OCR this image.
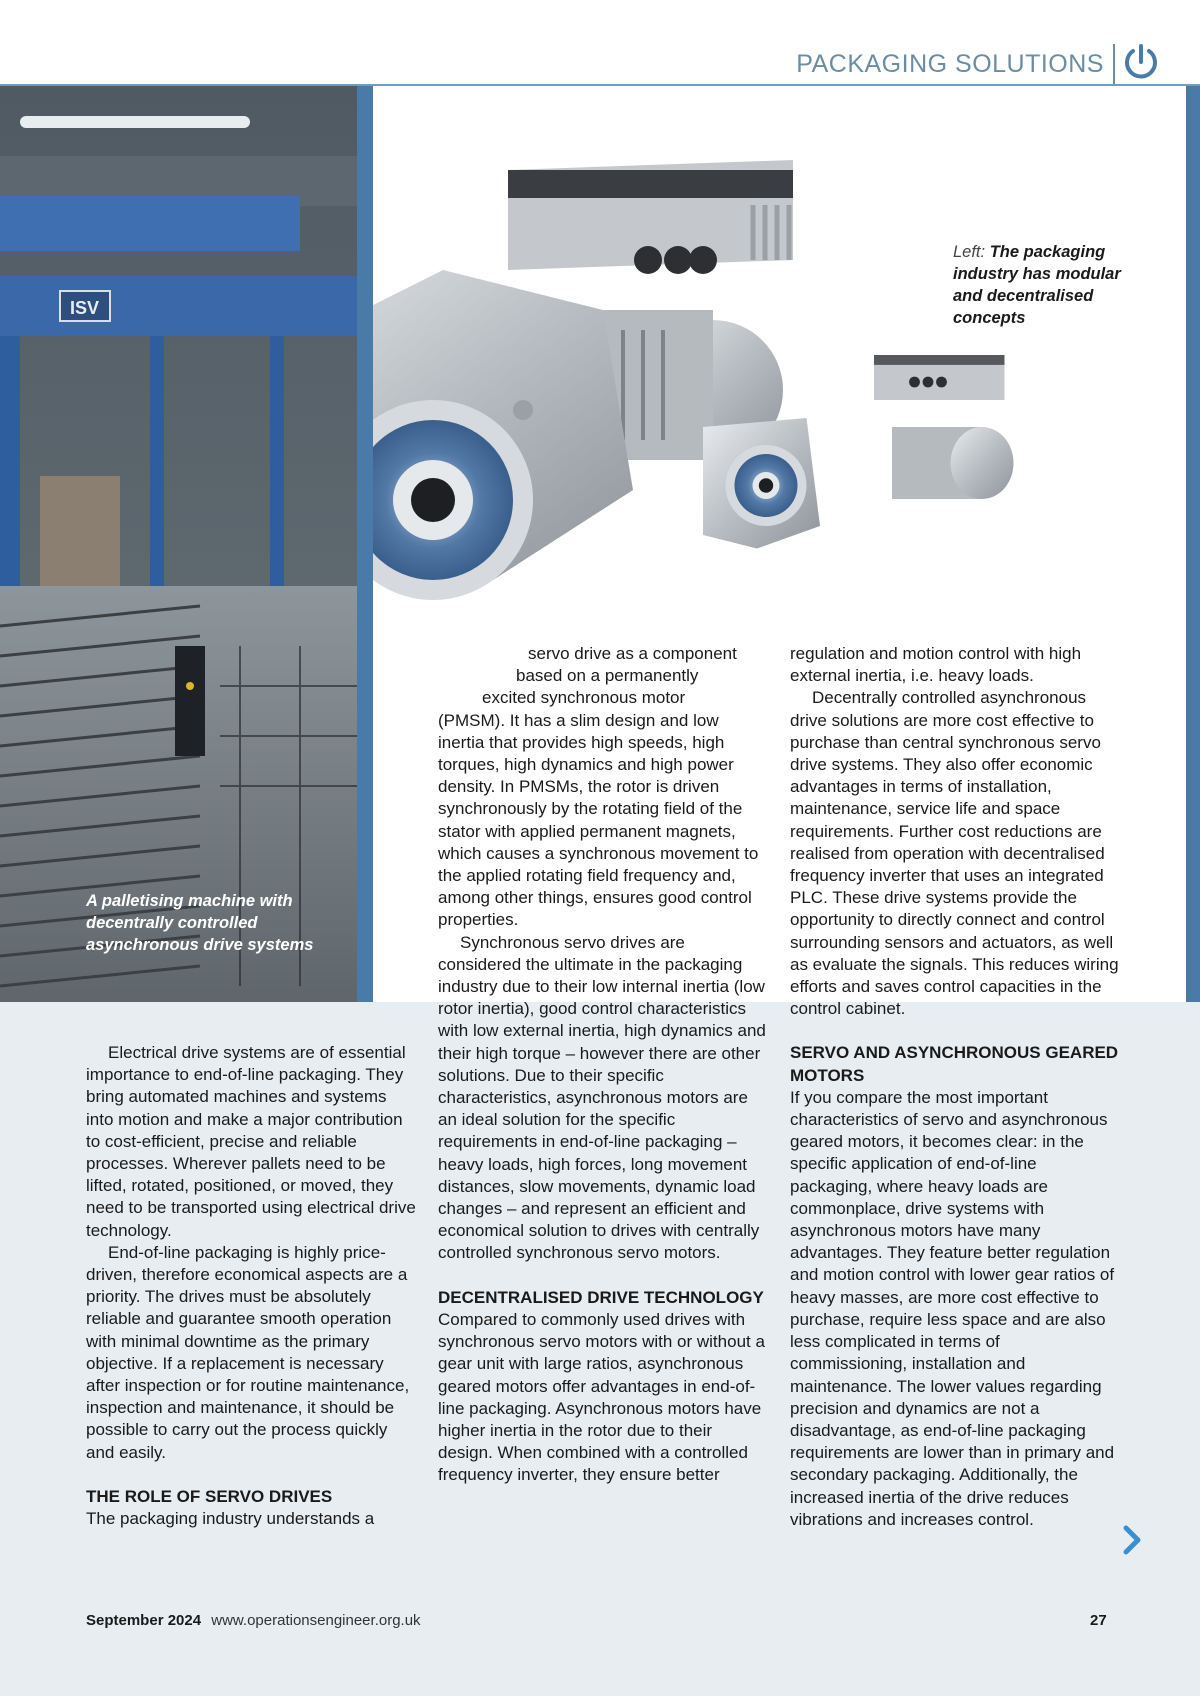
PACKAGING SOLUTIONS
ISV
A palletising machine with decentrally controlled asynchronous drive systems
Left: The packaging industry has modular and decentralised concepts

Electrical drive systems are of essential importance to end-of-line packaging. They bring automated machines and systems into motion and make a major contribution to cost-efficient, precise and reliable processes. Wherever pallets need to be lifted, rotated, positioned, or moved, they need to be transported using electrical drive technology.

End-of-line packaging is highly price-driven, therefore economical aspects are a priority. The drives must be absolutely reliable and guarantee smooth operation with minimal downtime as the primary objective. If a replacement is necessary after inspection or for routine maintenance, inspection and maintenance, it should be possible to carry out the process quickly and easily.

THE ROLE OF SERVO DRIVES

The packaging industry understands a

servo drive as a component

based on a permanently

excited synchronous motor

(PMSM). It has a slim design and low inertia that provides high speeds, high torques, high dynamics and high power density. In PMSMs, the rotor is driven synchronously by the rotating field of the stator with applied permanent magnets, which causes a synchronous movement to the applied rotating field frequency and, among other things, ensures good control properties.

Synchronous servo drives are considered the ultimate in the packaging industry due to their low internal inertia (low rotor inertia), good control characteristics with low external inertia, high dynamics and their high torque – however there are other solutions. Due to their specific characteristics, asynchronous motors are an ideal solution for the specific requirements in end-of-line packaging – heavy loads, high forces, long movement distances, slow movements, dynamic load changes – and represent an efficient and economical solution to drives with centrally controlled synchronous servo motors.

DECENTRALISED DRIVE TECHNOLOGY

Compared to commonly used drives with synchronous servo motors with or without a gear unit with large ratios, asynchronous geared motors offer advantages in end-of-line packaging. Asynchronous motors have higher inertia in the rotor due to their design. When combined with a controlled frequency inverter, they ensure better

regulation and motion control with high external inertia, i.e. heavy loads.

Decentrally controlled asynchronous drive solutions are more cost effective to purchase than central synchronous servo drive systems. They also offer economic advantages in terms of installation, maintenance, service life and space requirements. Further cost reductions are realised from operation with decentralised frequency inverter that uses an integrated PLC. These drive systems provide the opportunity to directly connect and control surrounding sensors and actuators, as well as evaluate the signals. This reduces wiring efforts and saves control capacities in the control cabinet.

SERVO AND ASYNCHRONOUS GEARED MOTORS

If you compare the most important characteristics of servo and asynchronous geared motors, it becomes clear: in the specific application of end-of-line packaging, where heavy loads are commonplace, drive systems with asynchronous motors have many advantages. They feature better regulation and motion control with lower gear ratios of heavy masses, are more cost effective to purchase, require less space and are also less complicated in terms of commissioning, installation and maintenance. The lower values regarding precision and dynamics are not a disadvantage, as end-of-line packaging requirements are lower than in primary and secondary packaging. Additionally, the increased inertia of the drive reduces vibrations and increases control.

September 2024 www.operationsengineer.org.uk	27
